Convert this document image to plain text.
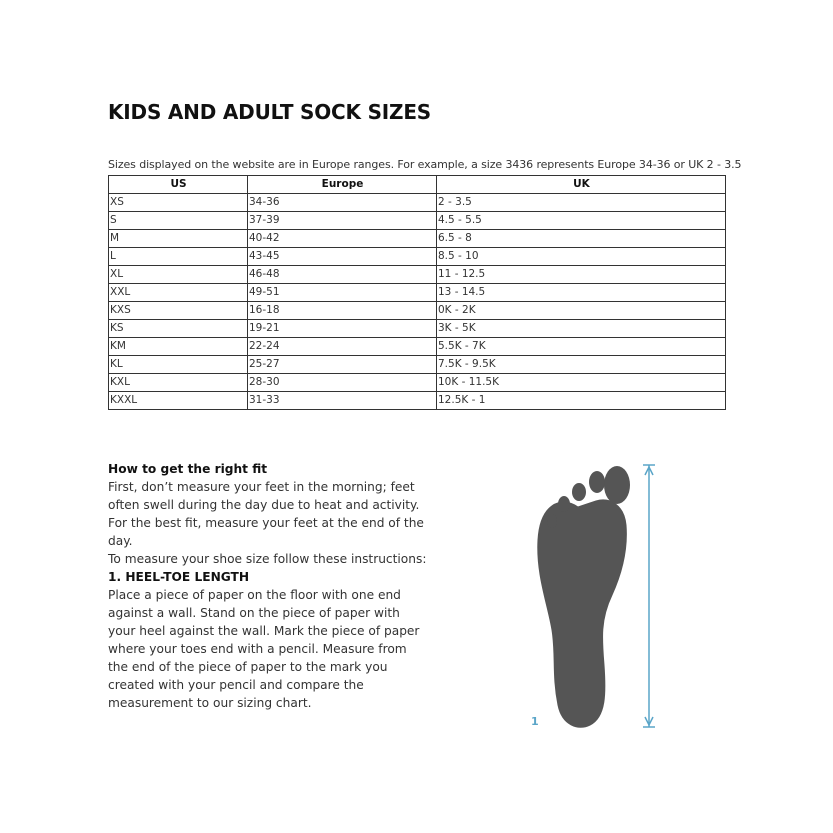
KIDS AND ADULT SOCK SIZES
Sizes displayed on the website are in Europe ranges. For example, a size 3436 represents Europe 34-36 or UK 2 - 3.5
US	Europe	UK
XS	34-36	2 - 3.5
S	37-39	4.5 - 5.5
M	40-42	6.5 - 8
L	43-45	8.5 - 10
XL	46-48	11 - 12.5
XXL	49-51	13 - 14.5
KXS	16-18	0K - 2K
KS	19-21	3K - 5K
KM	22-24	5.5K - 7K
KL	25-27	7.5K - 9.5K
KXL	28-30	10K - 11.5K
KXXL	31-33	12.5K - 1

How to get the right fit

First, don’t measure your feet in the morning; feet often swell during the day due to heat and activity. For the best fit, measure your feet at the end of the day.

To measure your shoe size follow these instructions:

1. HEEL-TOE LENGTH

Place a piece of paper on the floor with one end against a wall. Stand on the piece of paper with your heel against the wall. Mark the piece of paper where your toes end with a pencil. Measure from the end of the piece of paper to the mark you created with your pencil and compare the measurement to our sizing chart.

1
